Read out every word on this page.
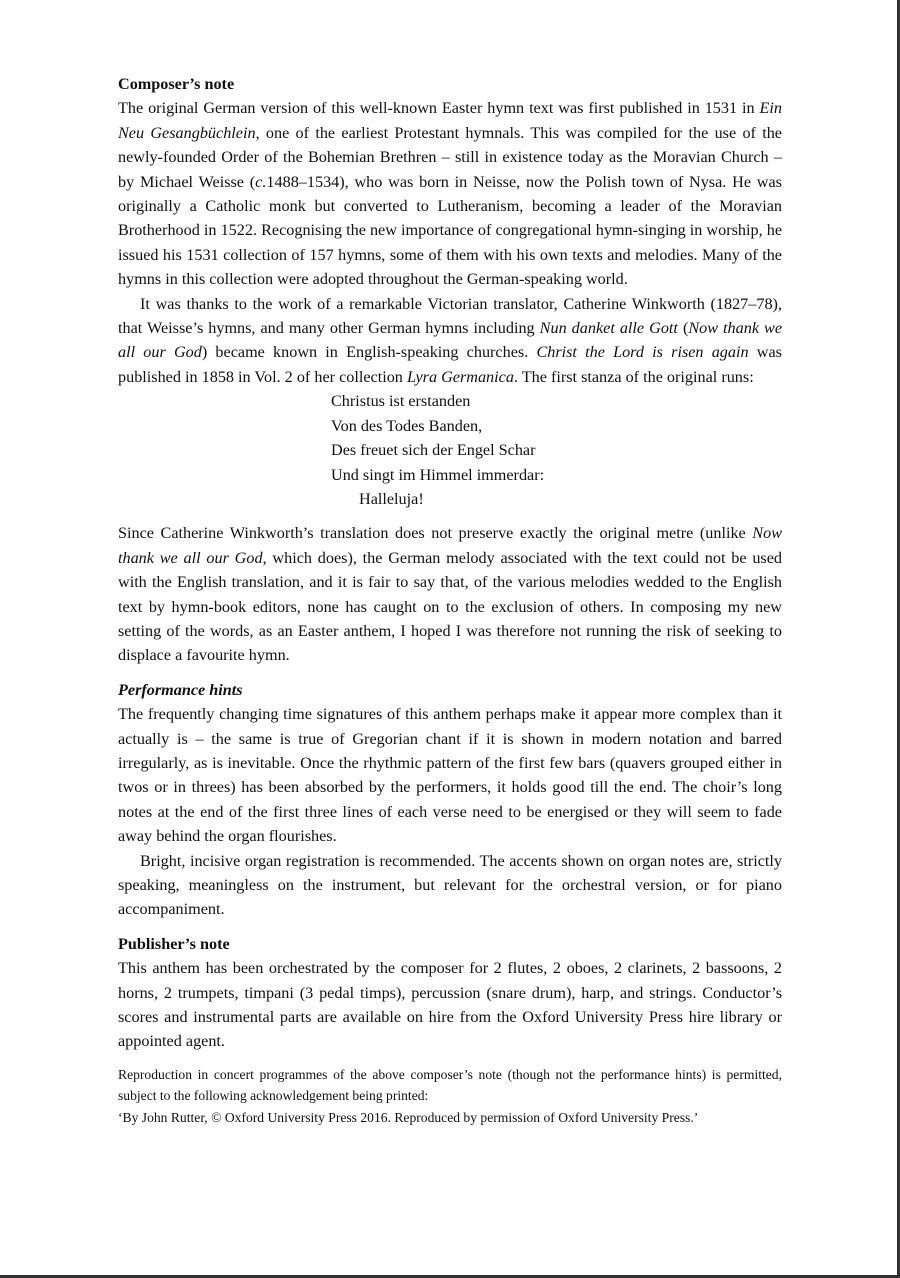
Composer’s note

The original German version of this well-known Easter hymn text was first published in 1531 in Ein Neu Gesangbüchlein, one of the earliest Protestant hymnals. This was compiled for the use of the newly-founded Order of the Bohemian Brethren – still in existence today as the Moravian Church – by Michael Weisse (c.1488–1534), who was born in Neisse, now the Polish town of Nysa. He was originally a Catholic monk but converted to Lutheranism, becoming a leader of the Moravian Brotherhood in 1522. Recognising the new importance of congregational hymn-singing in worship, he issued his 1531 collection of 157 hymns, some of them with his own texts and melodies. Many of the hymns in this collection were adopted throughout the German-speaking world.

It was thanks to the work of a remarkable Victorian translator, Catherine Winkworth (1827–78), that Weisse’s hymns, and many other German hymns including Nun danket alle Gott (Now thank we all our God) became known in English-speaking churches. Christ the Lord is risen again was published in 1858 in Vol. 2 of her collection Lyra Germanica. The first stanza of the original runs:

Christus ist erstanden
Von des Todes Banden,
Des freuet sich der Engel Schar
Und singt im Himmel immerdar:
Halleluja!

Since Catherine Winkworth’s translation does not preserve exactly the original metre (unlike Now thank we all our God, which does), the German melody associated with the text could not be used with the English translation, and it is fair to say that, of the various melodies wedded to the English text by hymn-book editors, none has caught on to the exclusion of others. In composing my new setting of the words, as an Easter anthem, I hoped I was therefore not running the risk of seeking to displace a favourite hymn.

Performance hints

The frequently changing time signatures of this anthem perhaps make it appear more complex than it actually is – the same is true of Gregorian chant if it is shown in modern notation and barred irregularly, as is inevitable. Once the rhythmic pattern of the first few bars (quavers grouped either in twos or in threes) has been absorbed by the performers, it holds good till the end. The choir’s long notes at the end of the first three lines of each verse need to be energised or they will seem to fade away behind the organ flourishes.

Bright, incisive organ registration is recommended. The accents shown on organ notes are, strictly speaking, meaningless on the instrument, but relevant for the orchestral version, or for piano accompaniment.

Publisher’s note

This anthem has been orchestrated by the composer for 2 flutes, 2 oboes, 2 clarinets, 2 bassoons, 2 horns, 2 trumpets, timpani (3 pedal timps), percussion (snare drum), harp, and strings. Conductor’s scores and instrumental parts are available on hire from the Oxford University Press hire library or appointed agent.

Reproduction in concert programmes of the above composer’s note (though not the performance hints) is permitted, subject to the following acknowledgement being printed:

‘By John Rutter, © Oxford University Press 2016. Reproduced by permission of Oxford University Press.’
